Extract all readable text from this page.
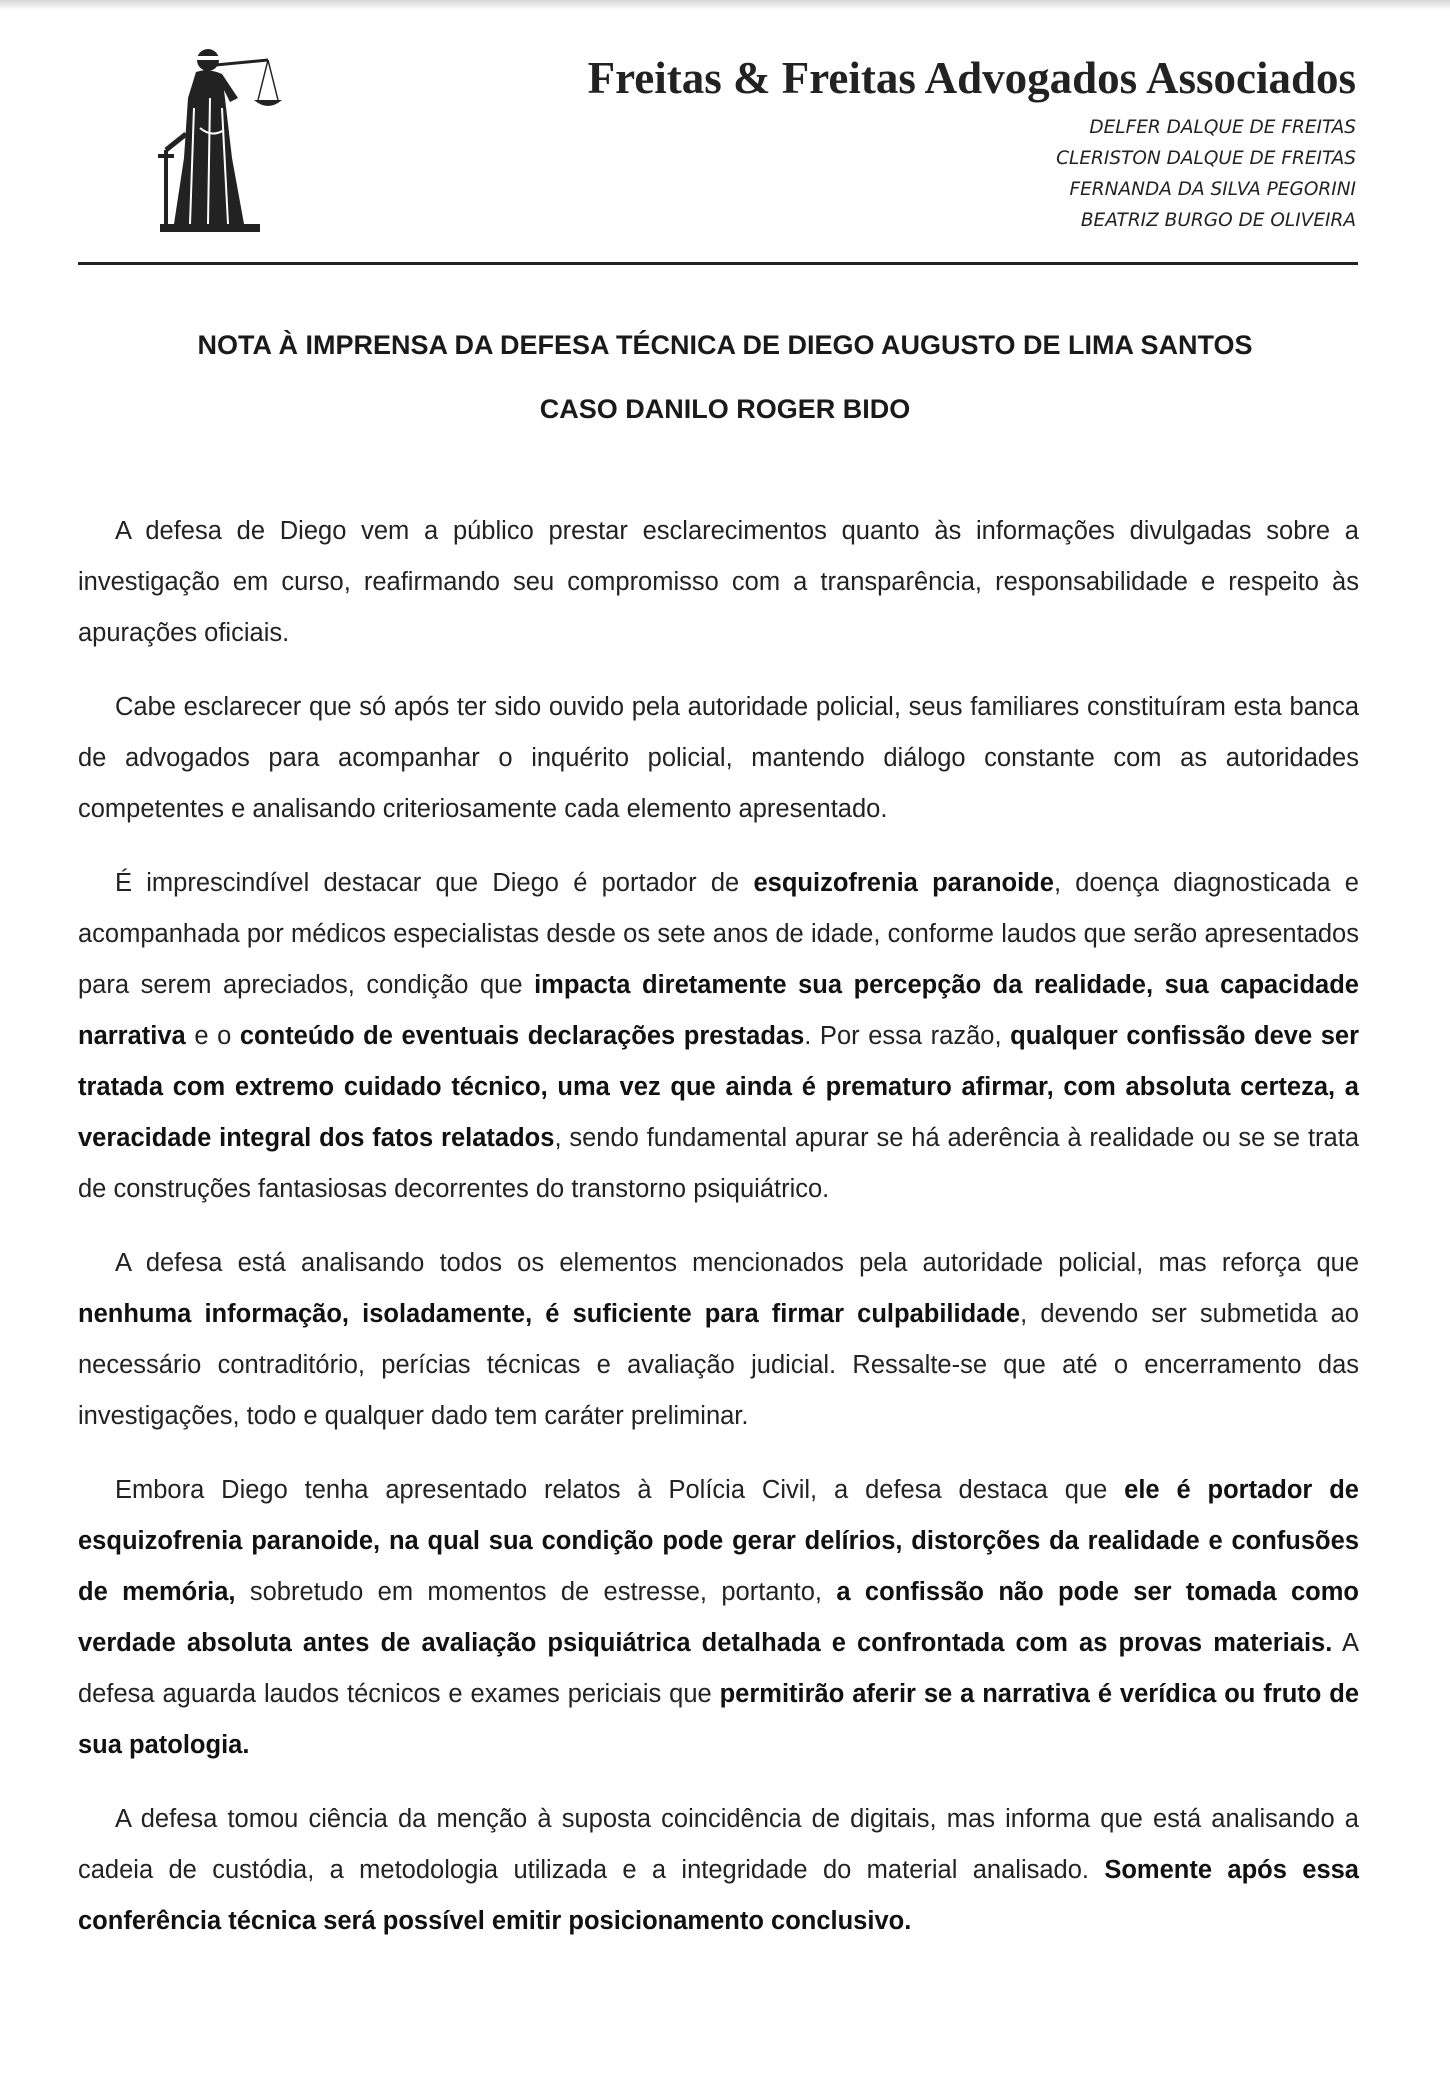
Freitas & Freitas Advogados Associados
DELFER DALQUE DE FREITAS
CLERISTON DALQUE DE FREITAS
FERNANDA DA SILVA PEGORINI
BEATRIZ BURGO DE OLIVEIRA
NOTA À IMPRENSA DA DEFESA TÉCNICA DE DIEGO AUGUSTO DE LIMA SANTOS
CASO DANILO ROGER BIDO

A defesa de Diego vem a público prestar esclarecimentos quanto às informações divulgadas sobre a investigação em curso, reafirmando seu compromisso com a transparência, responsabilidade e respeito às apurações oficiais.

Cabe esclarecer que só após ter sido ouvido pela autoridade policial, seus familiares constituíram esta banca de advogados para acompanhar o inquérito policial, mantendo diálogo constante com as autoridades competentes e analisando criteriosamente cada elemento apresentado.

É imprescindível destacar que Diego é portador de esquizofrenia paranoide, doença diagnosticada e acompanhada por médicos especialistas desde os sete anos de idade, conforme laudos que serão apresentados para serem apreciados, condição que impacta diretamente sua percepção da realidade, sua capacidade narrativa e o conteúdo de eventuais declarações prestadas. Por essa razão, qualquer confissão deve ser tratada com extremo cuidado técnico, uma vez que ainda é prematuro afirmar, com absoluta certeza, a veracidade integral dos fatos relatados, sendo fundamental apurar se há aderência à realidade ou se se trata de construções fantasiosas decorrentes do transtorno psiquiátrico.

A defesa está analisando todos os elementos mencionados pela autoridade policial, mas reforça que nenhuma informação, isoladamente, é suficiente para firmar culpabilidade, devendo ser submetida ao necessário contraditório, perícias técnicas e avaliação judicial. Ressalte-se que até o encerramento das investigações, todo e qualquer dado tem caráter preliminar.

Embora Diego tenha apresentado relatos à Polícia Civil, a defesa destaca que ele é portador de esquizofrenia paranoide, na qual sua condição pode gerar delírios, distorções da realidade e confusões de memória, sobretudo em momentos de estresse, portanto, a confissão não pode ser tomada como verdade absoluta antes de avaliação psiquiátrica detalhada e confrontada com as provas materiais. A defesa aguarda laudos técnicos e exames periciais que permitirão aferir se a narrativa é verídica ou fruto de sua patologia.

A defesa tomou ciência da menção à suposta coincidência de digitais, mas informa que está analisando a cadeia de custódia, a metodologia utilizada e a integridade do material analisado. Somente após essa conferência técnica será possível emitir posicionamento conclusivo.
